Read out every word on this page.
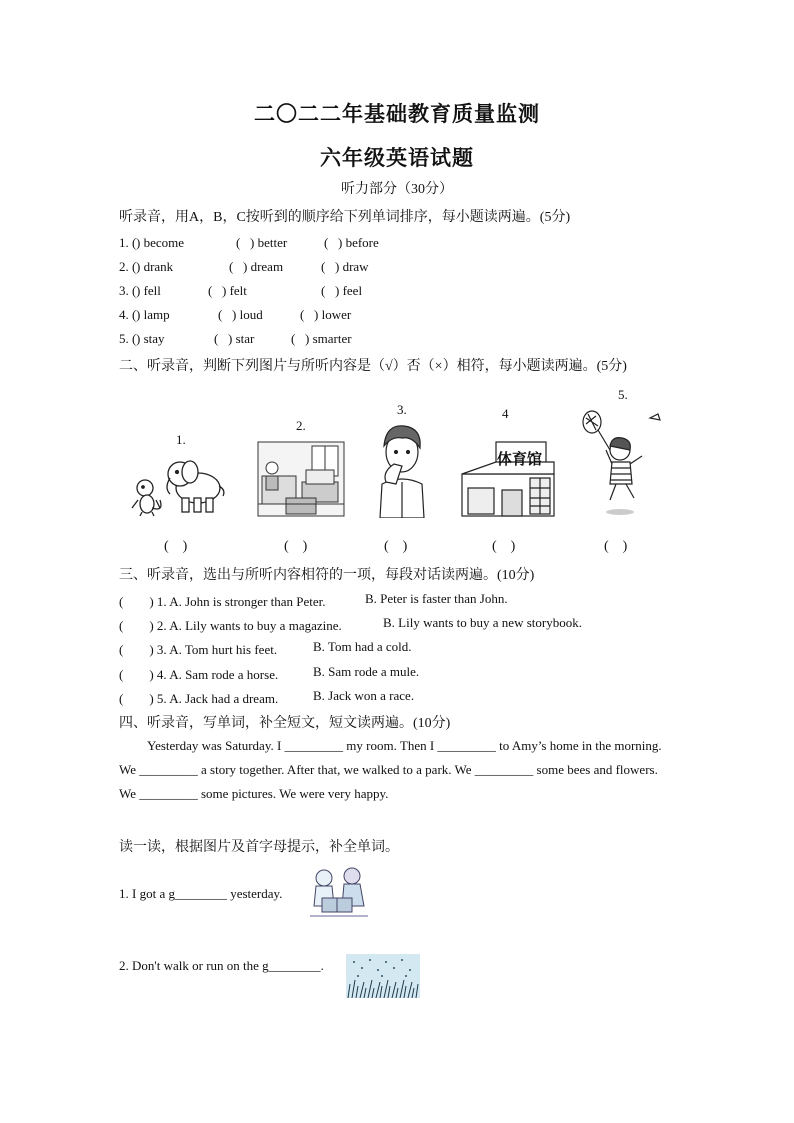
二〇二二年基础教育质量监测
六年级英语试题
听力部分（30分）
听录音，用A，B，C按听到的顺序给下列单词排序，每小题读两遍。(5分)
1. ( ) become	( ) better	( ) before
2. ( ) drank	( ) dream	( ) draw
3. ( ) fell	( ) felt	( ) feel
4. ( ) lamp	( ) loud	( ) lower
5. ( ) stay	( ) star	( ) smarter
二、听录音，判断下列图片与所听内容是（√）否（×）相符，每小题读两遍。(5分)
1.
2.
3.	4
5.
体育馆
(　)	(　)	(　)	(　)	(　)
三、听录音，选出与所听内容相符的一项，每段对话读两遍。(10分)
(　　) 1. A. John is stronger than Peter.	B. Peter is faster than John.
(　　) 2. A. Lily wants to buy a magazine.	B. Lily wants to buy a new storybook.
(　　) 3. A. Tom hurt his feet.	B. Tom had a cold.
(　　) 4. A. Sam rode a horse.	B. Sam rode a mule.
(　　) 5. A. Jack had a dream.	B. Jack won a race.
四、听录音，写单词，补全短文，短文读两遍。(10分)
Yesterday was Saturday. I _________ my room. Then I _________ to Amy’s home in the morning. We _________ a story together. After that, we walked to a park. We _________ some bees and flowers. We _________ some pictures. We were very happy.
读一读，根据图片及首字母提示，补全单词。
1. I got a g________ yesterday.
2. Don't walk or run on the g________.
